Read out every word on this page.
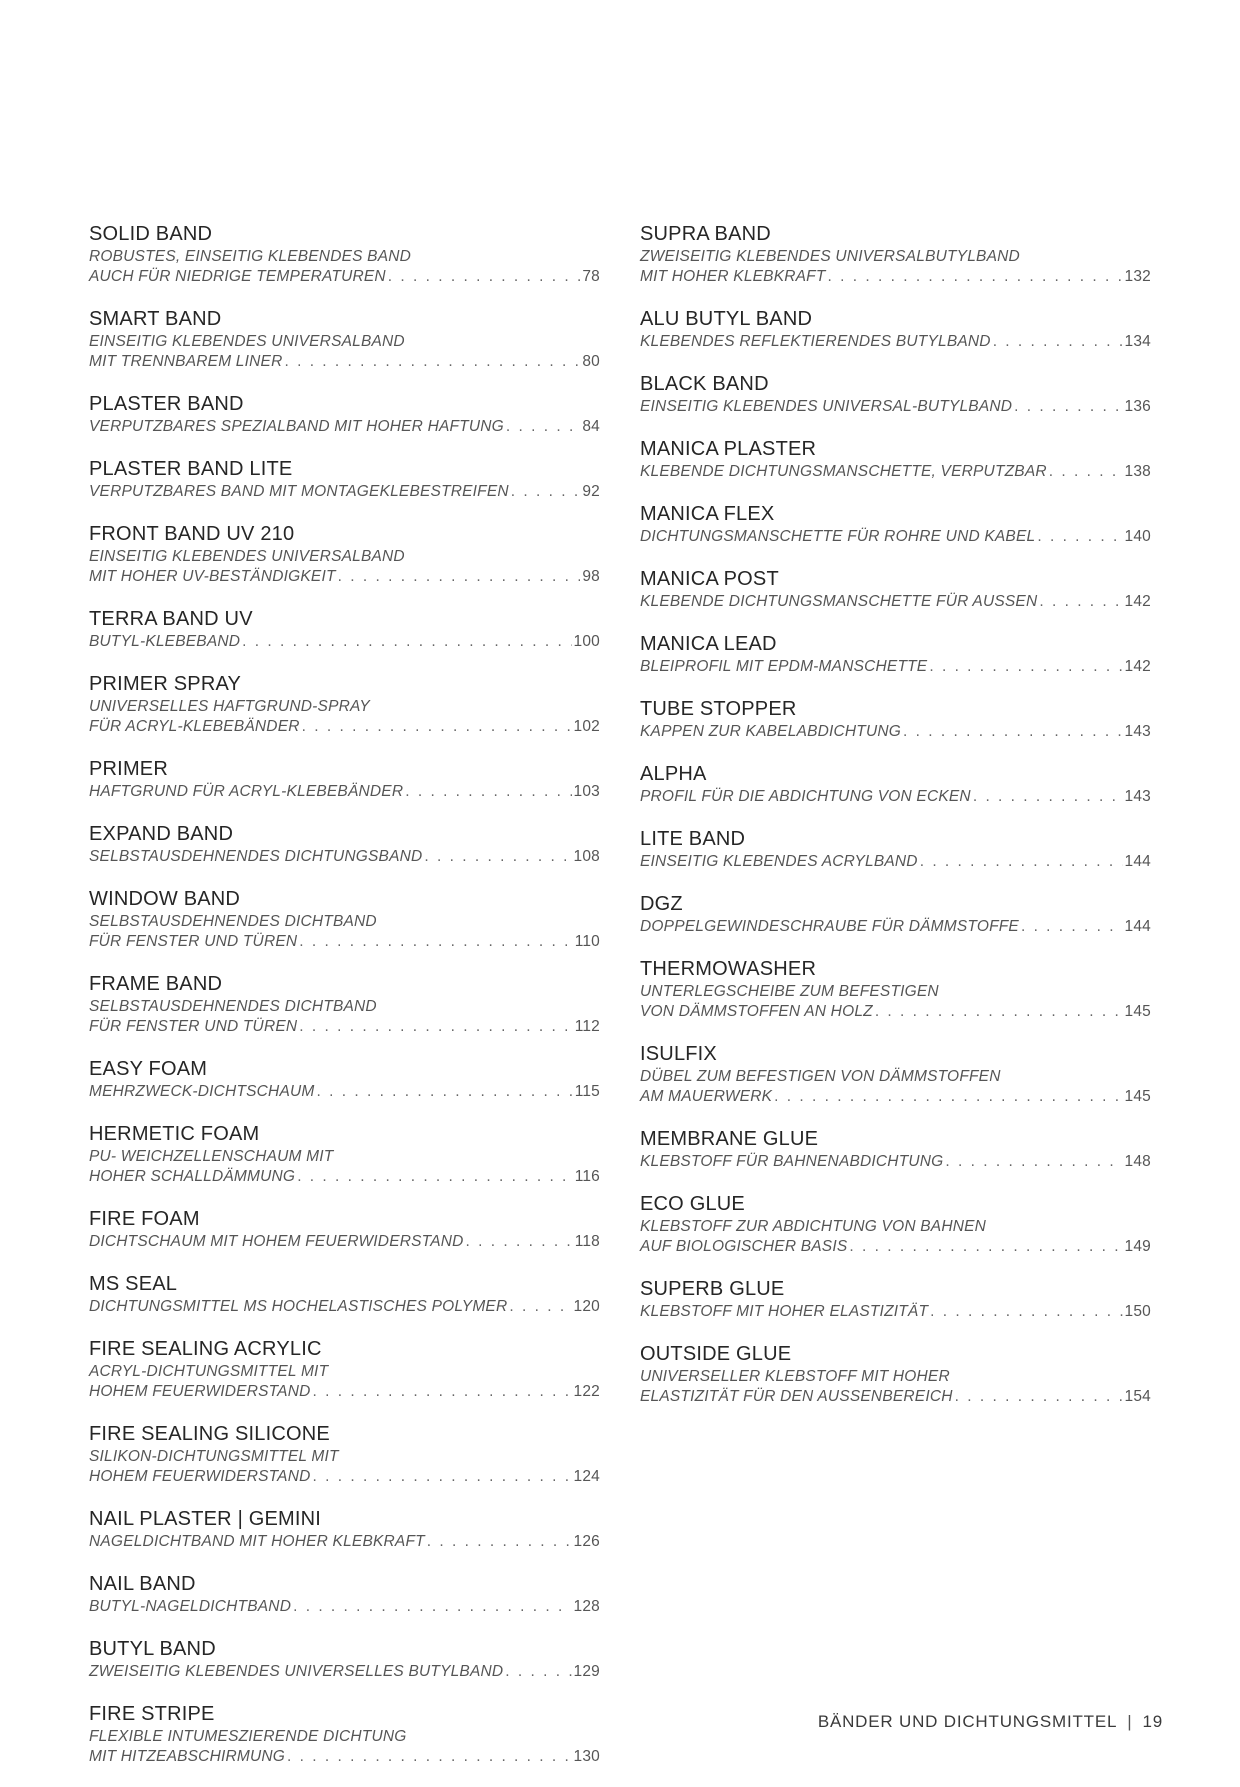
SOLID BAND
ROBUSTES, EINSEITIG KLEBENDES BAND
AUCH FÜR NIEDRIGE TEMPERATUREN . . .	78
SMART BAND
EINSEITIG KLEBENDES UNIVERSALBAND
MIT TRENNBAREM LINER . . .	80
PLASTER BAND
VERPUTZBARES SPEZIALBAND MIT HOHER HAFTUNG . . .	84
PLASTER BAND LITE
VERPUTZBARES BAND MIT MONTAGEKLEBESTREIFEN . . .	92
FRONT BAND UV 210
EINSEITIG KLEBENDES UNIVERSALBAND
MIT HOHER UV-BESTÄNDIGKEIT . . .	98
TERRA BAND UV
BUTYL-KLEBEBAND . . .	100
PRIMER SPRAY
UNIVERSELLES HAFTGRUND-SPRAY
FÜR ACRYL-KLEBEBÄNDER . . .	102
PRIMER
HAFTGRUND FÜR ACRYL-KLEBEBÄNDER . . .	103
EXPAND BAND
SELBSTAUSDEHNENDES DICHTUNGSBAND . . .	108
WINDOW BAND
SELBSTAUSDEHNENDES DICHTBAND
FÜR FENSTER UND TÜREN . . .	110
FRAME BAND
SELBSTAUSDEHNENDES DICHTBAND
FÜR FENSTER UND TÜREN . . .	112
EASY FOAM
MEHRZWECK-DICHTSCHAUM . . .	115
HERMETIC FOAM
PU- WEICHZELLENSCHAUM MIT
HOHER SCHALLDÄMMUNG . . .	116
FIRE FOAM
DICHTSCHAUM MIT HOHEM FEUERWIDERSTAND . . .	118
MS SEAL
DICHTUNGSMITTEL MS HOCHELASTISCHES POLYMER . . .	120
FIRE SEALING ACRYLIC
ACRYL-DICHTUNGSMITTEL MIT
HOHEM FEUERWIDERSTAND . . .	122
FIRE SEALING SILICONE
SILIKON-DICHTUNGSMITTEL MIT
HOHEM FEUERWIDERSTAND . . .	124
NAIL PLASTER | GEMINI
NAGELDICHTBAND MIT HOHER KLEBKRAFT . . .	126
NAIL BAND
BUTYL-NAGELDICHTBAND . . .	128
BUTYL BAND
ZWEISEITIG KLEBENDES UNIVERSELLES BUTYLBAND . . .	129
FIRE STRIPE
FLEXIBLE INTUMESZIERENDE DICHTUNG
MIT HITZEABSCHIRMUNG . . .	130
SUPRA BAND
ZWEISEITIG KLEBENDES UNIVERSALBUTYLBAND
MIT HOHER KLEBKRAFT . . .	132
ALU BUTYL BAND
KLEBENDES REFLEKTIERENDES BUTYLBAND . . .	134
BLACK BAND
EINSEITIG KLEBENDES UNIVERSAL-BUTYLBAND . . .	136
MANICA PLASTER
KLEBENDE DICHTUNGSMANSCHETTE, VERPUTZBAR . . .	138
MANICA FLEX
DICHTUNGSMANSCHETTE FÜR ROHRE UND KABEL . . .	140
MANICA POST
KLEBENDE DICHTUNGSMANSCHETTE FÜR AUSSEN . . .	142
MANICA LEAD
BLEIPROFIL MIT EPDM-MANSCHETTE . . .	142
TUBE STOPPER
KAPPEN ZUR KABELABDICHTUNG . . .	143
ALPHA
PROFIL FÜR DIE ABDICHTUNG VON ECKEN . . .	143
LITE BAND
EINSEITIG KLEBENDES ACRYLBAND . . .	144
DGZ
DOPPELGEWINDESCHRAUBE FÜR DÄMMSTOFFE . . .	144
THERMOWASHER
UNTERLEGSCHEIBE ZUM BEFESTIGEN
VON DÄMMSTOFFEN AN HOLZ . . .	145
ISULFIX
DÜBEL ZUM BEFESTIGEN VON DÄMMSTOFFEN
AM MAUERWERK . . .	145
MEMBRANE GLUE
KLEBSTOFF FÜR BAHNENABDICHTUNG . . .	148
ECO GLUE
KLEBSTOFF ZUR ABDICHTUNG VON BAHNEN
AUF BIOLOGISCHER BASIS . . .	149
SUPERB GLUE
KLEBSTOFF MIT HOHER ELASTIZITÄT . . .	150
OUTSIDE GLUE
UNIVERSELLER KLEBSTOFF MIT HOHER
ELASTIZITÄT FÜR DEN AUSSENBEREICH . . .	154
BÄNDER UND DICHTUNGSMITTEL | 19
